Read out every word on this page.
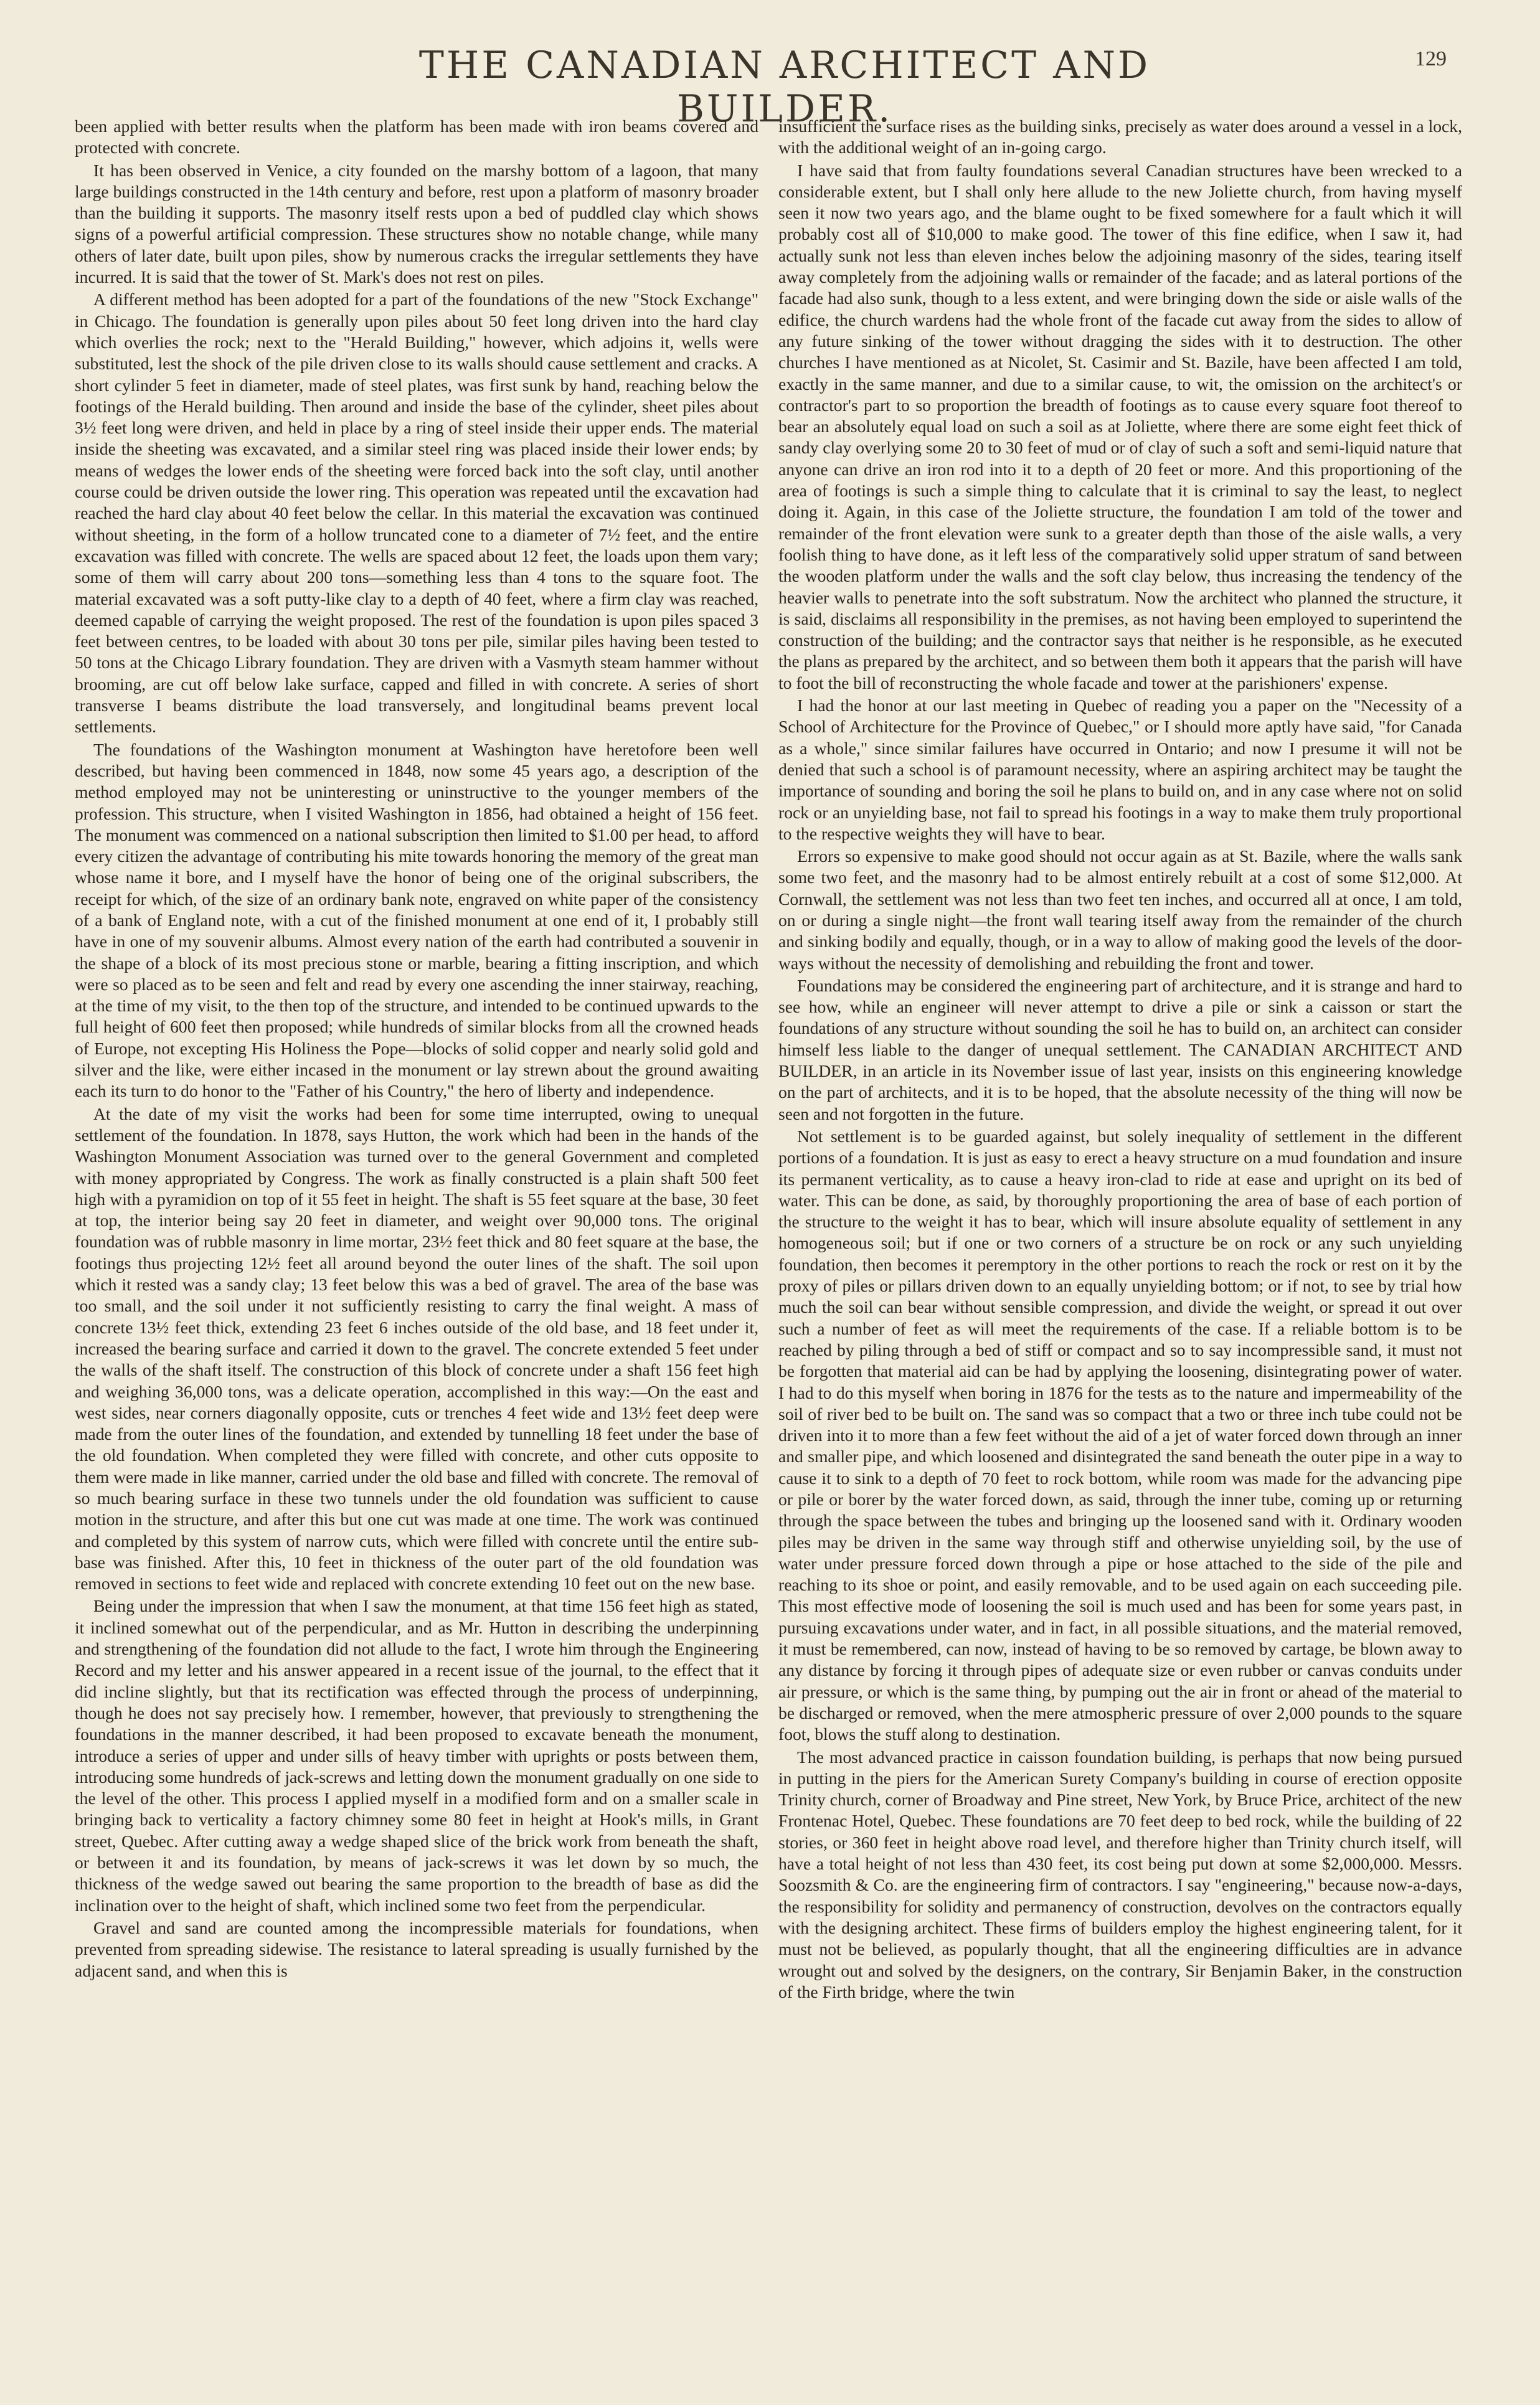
THE CANADIAN ARCHITECT AND BUILDER.
129

been applied with better results when the platform has been made with iron beams covered and protected with concrete.

It has been observed in Venice, a city founded on the marshy bottom of a lagoon, that many large buildings constructed in the 14th century and before, rest upon a platform of masonry broader than the building it supports. The masonry itself rests upon a bed of puddled clay which shows signs of a powerful artificial compression. These structures show no notable change, while many others of later date, built upon piles, show by numerous cracks the irregular settlements they have incurred. It is said that the tower of St. Mark's does not rest on piles.

A different method has been adopted for a part of the foundations of the new "Stock Exchange" in Chicago. The foundation is generally upon piles about 50 feet long driven into the hard clay which overlies the rock; next to the "Herald Building," however, which adjoins it, wells were substituted, lest the shock of the pile driven close to its walls should cause settlement and cracks. A short cylinder 5 feet in diameter, made of steel plates, was first sunk by hand, reaching below the footings of the Herald building. Then around and inside the base of the cylinder, sheet piles about 3½ feet long were driven, and held in place by a ring of steel inside their upper ends. The material inside the sheeting was excavated, and a similar steel ring was placed inside their lower ends; by means of wedges the lower ends of the sheeting were forced back into the soft clay, until another course could be driven outside the lower ring. This operation was repeated until the excavation had reached the hard clay about 40 feet below the cellar. In this material the excavation was continued without sheeting, in the form of a hollow truncated cone to a diameter of 7½ feet, and the entire excavation was filled with concrete. The wells are spaced about 12 feet, the loads upon them vary; some of them will carry about 200 tons—something less than 4 tons to the square foot. The material excavated was a soft putty-like clay to a depth of 40 feet, where a firm clay was reached, deemed capable of carrying the weight proposed. The rest of the foundation is upon piles spaced 3 feet between centres, to be loaded with about 30 tons per pile, similar piles having been tested to 50 tons at the Chicago Library foundation. They are driven with a Vasmyth steam hammer without brooming, are cut off below lake surface, capped and filled in with concrete. A series of short transverse I beams distribute the load transversely, and longitudinal beams prevent local settlements.

The foundations of the Washington monument at Washington have heretofore been well described, but having been commenced in 1848, now some 45 years ago, a description of the method employed may not be uninteresting or uninstructive to the younger members of the profession. This structure, when I visited Washington in 1856, had obtained a height of 156 feet. The monument was commenced on a national subscription then limited to $1.00 per head, to afford every citizen the advantage of contributing his mite towards honoring the memory of the great man whose name it bore, and I myself have the honor of being one of the original subscribers, the receipt for which, of the size of an ordinary bank note, engraved on white paper of the consistency of a bank of England note, with a cut of the finished monument at one end of it, I probably still have in one of my souvenir albums. Almost every nation of the earth had contributed a souvenir in the shape of a block of its most precious stone or marble, bearing a fitting inscription, and which were so placed as to be seen and felt and read by every one ascending the inner stairway, reaching, at the time of my visit, to the then top of the structure, and intended to be continued upwards to the full height of 600 feet then proposed; while hundreds of similar blocks from all the crowned heads of Europe, not excepting His Holiness the Pope—blocks of solid copper and nearly solid gold and silver and the like, were either incased in the monument or lay strewn about the ground awaiting each its turn to do honor to the "Father of his Country," the hero of liberty and independence.

At the date of my visit the works had been for some time interrupted, owing to unequal settlement of the foundation. In 1878, says Hutton, the work which had been in the hands of the Washington Monument Association was turned over to the general Government and completed with money appropriated by Congress. The work as finally constructed is a plain shaft 500 feet high with a pyramidion on top of it 55 feet in height. The shaft is 55 feet square at the base, 30 feet at top, the interior being say 20 feet in diameter, and weight over 90,000 tons. The original foundation was of rubble masonry in lime mortar, 23½ feet thick and 80 feet square at the base, the footings thus projecting 12½ feet all around beyond the outer lines of the shaft. The soil upon which it rested was a sandy clay; 13 feet below this was a bed of gravel. The area of the base was too small, and the soil under it not sufficiently resisting to carry the final weight. A mass of concrete 13½ feet thick, extending 23 feet 6 inches outside of the old base, and 18 feet under it, increased the bearing surface and carried it down to the gravel. The concrete extended 5 feet under the walls of the shaft itself. The construction of this block of concrete under a shaft 156 feet high and weighing 36,000 tons, was a delicate operation, accomplished in this way:—On the east and west sides, near corners diagonally opposite, cuts or trenches 4 feet wide and 13½ feet deep were made from the outer lines of the foundation, and extended by tunnelling 18 feet under the base of the old foundation. When completed they were filled with concrete, and other cuts opposite to them were made in like manner, carried under the old base and filled with concrete. The removal of so much bearing surface in these two tunnels under the old foundation was sufficient to cause motion in the structure, and after this but one cut was made at one time. The work was continued and completed by this system of narrow cuts, which were filled with concrete until the entire sub-base was finished. After this, 10 feet in thickness of the outer part of the old foundation was removed in sections to feet wide and replaced with concrete extending 10 feet out on the new base.

Being under the impression that when I saw the monument, at that time 156 feet high as stated, it inclined somewhat out of the perpendicular, and as Mr. Hutton in describing the underpinning and strengthening of the foundation did not allude to the fact, I wrote him through the Engineering Record and my letter and his answer appeared in a recent issue of the journal, to the effect that it did incline slightly, but that its rectification was effected through the process of underpinning, though he does not say precisely how. I remember, however, that previously to strengthening the foundations in the manner described, it had been proposed to excavate beneath the monument, introduce a series of upper and under sills of heavy timber with uprights or posts between them, introducing some hundreds of jack-screws and letting down the monument gradually on one side to the level of the other. This process I applied myself in a modified form and on a smaller scale in bringing back to verticality a factory chimney some 80 feet in height at Hook's mills, in Grant street, Quebec. After cutting away a wedge shaped slice of the brick work from beneath the shaft, or between it and its foundation, by means of jack-screws it was let down by so much, the thickness of the wedge sawed out bearing the same proportion to the breadth of base as did the inclination over to the height of shaft, which inclined some two feet from the perpendicular.

Gravel and sand are counted among the incompressible materials for foundations, when prevented from spreading sidewise. The resistance to lateral spreading is usually furnished by the adjacent sand, and when this is

insufficient the surface rises as the building sinks, precisely as water does around a vessel in a lock, with the additional weight of an in-going cargo.

I have said that from faulty foundations several Canadian structures have been wrecked to a considerable extent, but I shall only here allude to the new Joliette church, from having myself seen it now two years ago, and the blame ought to be fixed somewhere for a fault which it will probably cost all of $10,000 to make good. The tower of this fine edifice, when I saw it, had actually sunk not less than eleven inches below the adjoining masonry of the sides, tearing itself away completely from the adjoining walls or remainder of the facade; and as lateral portions of the facade had also sunk, though to a less extent, and were bringing down the side or aisle walls of the edifice, the church wardens had the whole front of the facade cut away from the sides to allow of any future sinking of the tower without dragging the sides with it to destruction. The other churches I have mentioned as at Nicolet, St. Casimir and St. Bazile, have been affected I am told, exactly in the same manner, and due to a similar cause, to wit, the omission on the architect's or contractor's part to so proportion the breadth of footings as to cause every square foot thereof to bear an absolutely equal load on such a soil as at Joliette, where there are some eight feet thick of sandy clay overlying some 20 to 30 feet of mud or of clay of such a soft and semi-liquid nature that anyone can drive an iron rod into it to a depth of 20 feet or more. And this proportioning of the area of footings is such a simple thing to calculate that it is criminal to say the least, to neglect doing it. Again, in this case of the Joliette structure, the foundation I am told of the tower and remainder of the front elevation were sunk to a greater depth than those of the aisle walls, a very foolish thing to have done, as it left less of the comparatively solid upper stratum of sand between the wooden platform under the walls and the soft clay below, thus increasing the tendency of the heavier walls to penetrate into the soft substratum. Now the architect who planned the structure, it is said, disclaims all responsibility in the premises, as not having been employed to superintend the construction of the building; and the contractor says that neither is he responsible, as he executed the plans as prepared by the architect, and so between them both it appears that the parish will have to foot the bill of reconstructing the whole facade and tower at the parishioners' expense.

I had the honor at our last meeting in Quebec of reading you a paper on the "Necessity of a School of Architecture for the Province of Quebec," or I should more aptly have said, "for Canada as a whole," since similar failures have occurred in Ontario; and now I presume it will not be denied that such a school is of paramount necessity, where an aspiring architect may be taught the importance of sounding and boring the soil he plans to build on, and in any case where not on solid rock or an unyielding base, not fail to spread his footings in a way to make them truly proportional to the respective weights they will have to bear.

Errors so expensive to make good should not occur again as at St. Bazile, where the walls sank some two feet, and the masonry had to be almost entirely rebuilt at a cost of some $12,000. At Cornwall, the settlement was not less than two feet ten inches, and occurred all at once, I am told, on or during a single night—the front wall tearing itself away from the remainder of the church and sinking bodily and equally, though, or in a way to allow of making good the levels of the door-ways without the necessity of demolishing and rebuilding the front and tower.

Foundations may be considered the engineering part of architecture, and it is strange and hard to see how, while an engineer will never attempt to drive a pile or sink a caisson or start the foundations of any structure without sounding the soil he has to build on, an architect can consider himself less liable to the danger of unequal settlement. The CANADIAN ARCHITECT AND BUILDER, in an article in its November issue of last year, insists on this engineering knowledge on the part of architects, and it is to be hoped, that the absolute necessity of the thing will now be seen and not forgotten in the future.

Not settlement is to be guarded against, but solely inequality of settlement in the different portions of a foundation. It is just as easy to erect a heavy structure on a mud foundation and insure its permanent verticality, as to cause a heavy iron-clad to ride at ease and upright on its bed of water. This can be done, as said, by thoroughly proportioning the area of base of each portion of the structure to the weight it has to bear, which will insure absolute equality of settlement in any homogeneous soil; but if one or two corners of a structure be on rock or any such unyielding foundation, then becomes it peremptory in the other portions to reach the rock or rest on it by the proxy of piles or pillars driven down to an equally unyielding bottom; or if not, to see by trial how much the soil can bear without sensible compression, and divide the weight, or spread it out over such a number of feet as will meet the requirements of the case. If a reliable bottom is to be reached by piling through a bed of stiff or compact and so to say incompressible sand, it must not be forgotten that material aid can be had by applying the loosening, disintegrating power of water. I had to do this myself when boring in 1876 for the tests as to the nature and impermeability of the soil of river bed to be built on. The sand was so compact that a two or three inch tube could not be driven into it to more than a few feet without the aid of a jet of water forced down through an inner and smaller pipe, and which loosened and disintegrated the sand beneath the outer pipe in a way to cause it to sink to a depth of 70 feet to rock bottom, while room was made for the advancing pipe or pile or borer by the water forced down, as said, through the inner tube, coming up or returning through the space between the tubes and bringing up the loosened sand with it. Ordinary wooden piles may be driven in the same way through stiff and otherwise unyielding soil, by the use of water under pressure forced down through a pipe or hose attached to the side of the pile and reaching to its shoe or point, and easily removable, and to be used again on each succeeding pile. This most effective mode of loosening the soil is much used and has been for some years past, in pursuing excavations under water, and in fact, in all possible situations, and the material removed, it must be remembered, can now, instead of having to be so removed by cartage, be blown away to any distance by forcing it through pipes of adequate size or even rubber or canvas conduits under air pressure, or which is the same thing, by pumping out the air in front or ahead of the material to be discharged or removed, when the mere atmospheric pressure of over 2,000 pounds to the square foot, blows the stuff along to destination.

The most advanced practice in caisson foundation building, is perhaps that now being pursued in putting in the piers for the American Surety Company's building in course of erection opposite Trinity church, corner of Broadway and Pine street, New York, by Bruce Price, architect of the new Frontenac Hotel, Quebec. These foundations are 70 feet deep to bed rock, while the building of 22 stories, or 360 feet in height above road level, and therefore higher than Trinity church itself, will have a total height of not less than 430 feet, its cost being put down at some $2,000,000. Messrs. Soozsmith & Co. are the engineering firm of contractors. I say "engineering," because now-a-days, the responsibility for solidity and permanency of construction, devolves on the contractors equally with the designing architect. These firms of builders employ the highest engineering talent, for it must not be believed, as popularly thought, that all the engineering difficulties are in advance wrought out and solved by the designers, on the contrary, Sir Benjamin Baker, in the construction of the Firth bridge, where the twin
